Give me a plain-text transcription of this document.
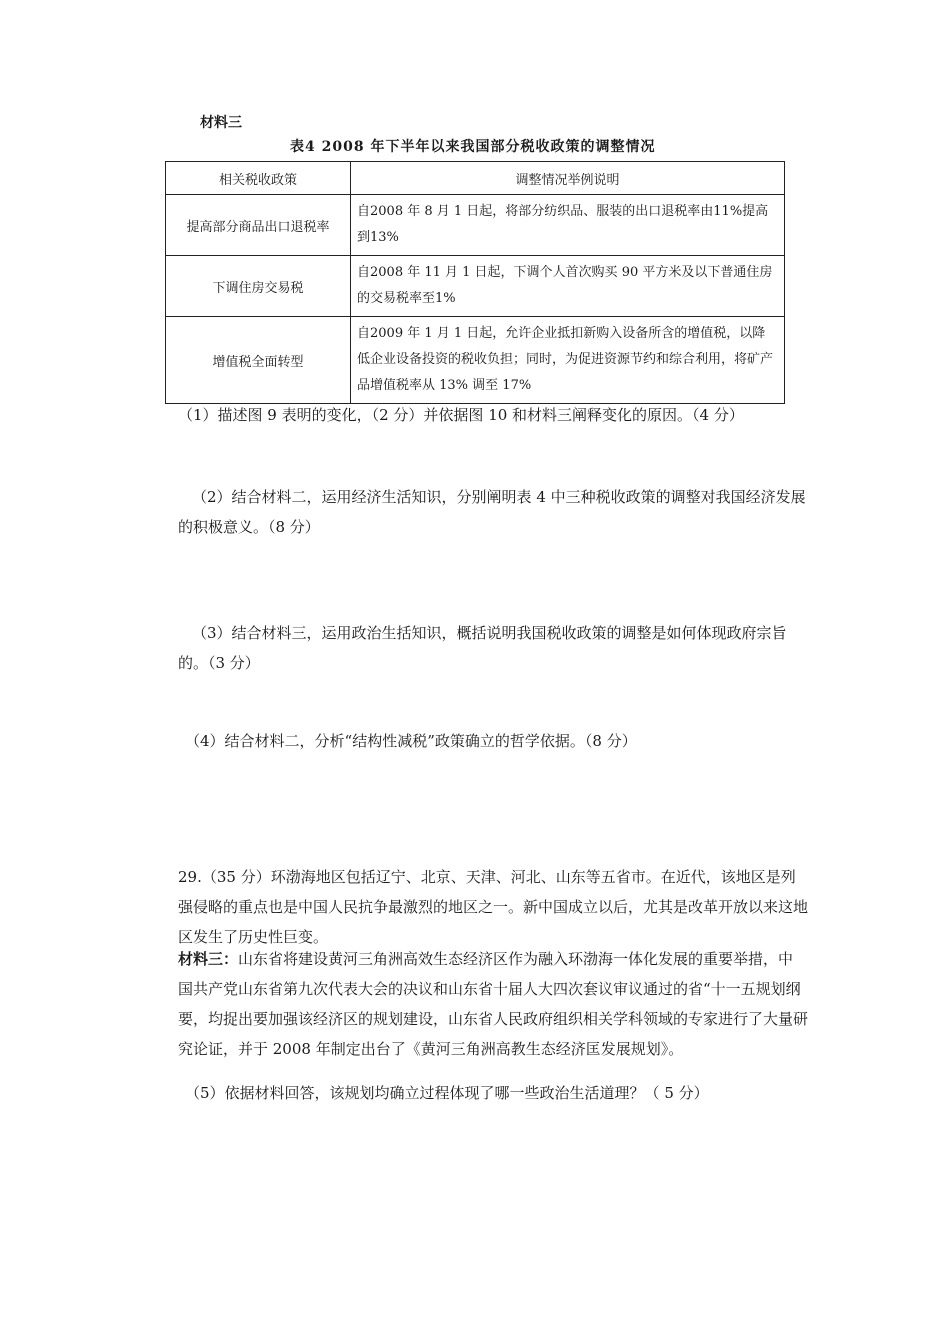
材料三
表4 2008 年下半年以来我国部分税收政策的调整情况
相关税收政策	调整情况举例说明
提高部分商品出口退税率	自2008 年 8 月 1 日起，将部分纺织品、服装的出口退税率由11%提高到13%
下调住房交易税	自2008 年 11 月 1 日起，下调个人首次购买 90 平方米及以下普通住房的交易税率至1%
增值税全面转型	自2009 年 1 月 1 日起，允许企业抵扣新购入设备所含的增值税，以降低企业设备投资的税收负担；同时，为促进资源节约和综合利用，将矿产品增值税率从 13% 调至 17%
（1）描述图 9 表明的变化，（2 分）并依据图 10 和材料三阐释变化的原因。（4 分）
（2）结合材料二，运用经济生活知识，分别阐明表 4 中三种税收政策的调整对我国经济发展的积极意义。（8 分）
（3）结合材料三，运用政治生括知识，概括说明我国税收政策的调整是如何体现政府宗旨的。（3 分）
（4）结合材料二，分析“结构性减税”政策确立的哲学依据。（8 分）
29.（35 分）环渤海地区包括辽宁、北京、天津、河北、山东等五省市。在近代，该地区是列强侵略的重点也是中国人民抗争最激烈的地区之一。新中国成立以后，尤其是改革开放以来这地区发生了历史性巨变。
材料三：山东省将建设黄河三角洲高效生态经济区作为融入环渤海一体化发展的重要举措，中国共产党山东省第九次代表大会的决议和山东省十届人大四次套议审议通过的省“十一五规划纲要，均捉出要加强该经济区的规划建设，山东省人民政府组织相关学科领域的专家进行了大量研究论证，并于 2008 年制定出台了《黄河三角洲高教生态经济匡发展规划》。
（5）依据材料回答，该规划均确立过程体现了哪一些政治生活道理？（ 5 分）
